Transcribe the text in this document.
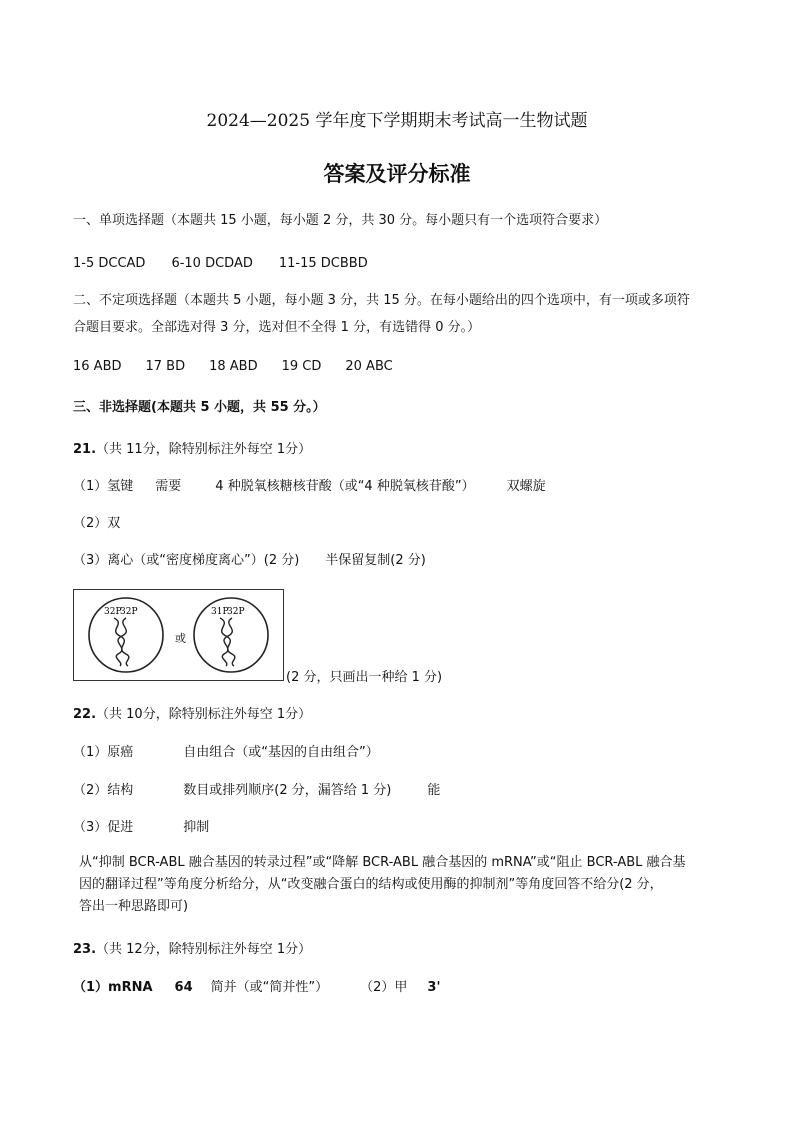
2024—2025 学年度下学期期末考试高一生物试题
答案及评分标准
一、单项选择题（本题共 15 小题，每小题 2 分，共 30 分。每小题只有一个选项符合要求）
1-5 DCCAD 6-10 DCDAD 11-15 DCBBD
二、不定项选择题（本题共 5 小题，每小题 3 分，共 15 分。在每小题给出的四个选项中，有一项或多项符
合题目要求。全部选对得 3 分，选对但不全得 1 分，有选错得 0 分。）
16 ABD 17 BD 18 ABD 19 CD 20 ABC
三、非选择题(本题共 5 小题，共 55 分。）
21.（共 11分，除特别标注外每空 1分）
（1）氢键 需要	4 种脱氧核糖核苷酸（或“4 种脱氧核苷酸”） 双螺旋
（2）双
（3）离心（或“密度梯度离心”）(2 分) 半保留复制(2 分)
32P
32P
或
31P
32P
(2 分，只画出一种给 1 分)
22.（共 10分，除特别标注外每空 1分）
（1）原癌	自由组合（或“基因的自由组合”）
（2）结构	数目或排列顺序(2 分，漏答给 1 分)	能
（3）促进	抑制
从“抑制 BCR-ABL 融合基因的转录过程”或“降解 BCR-ABL 融合基因的 mRNA”或“阻止 BCR-ABL 融合基
因的翻译过程”等角度分析给分，从“改变融合蛋白的结构或使用酶的抑制剂”等角度回答不给分(2 分，
答出一种思路即可)
23.（共 12分，除特别标注外每空 1分）
（1）mRNA 64 简并（或“简并性”） （2）甲 3'
